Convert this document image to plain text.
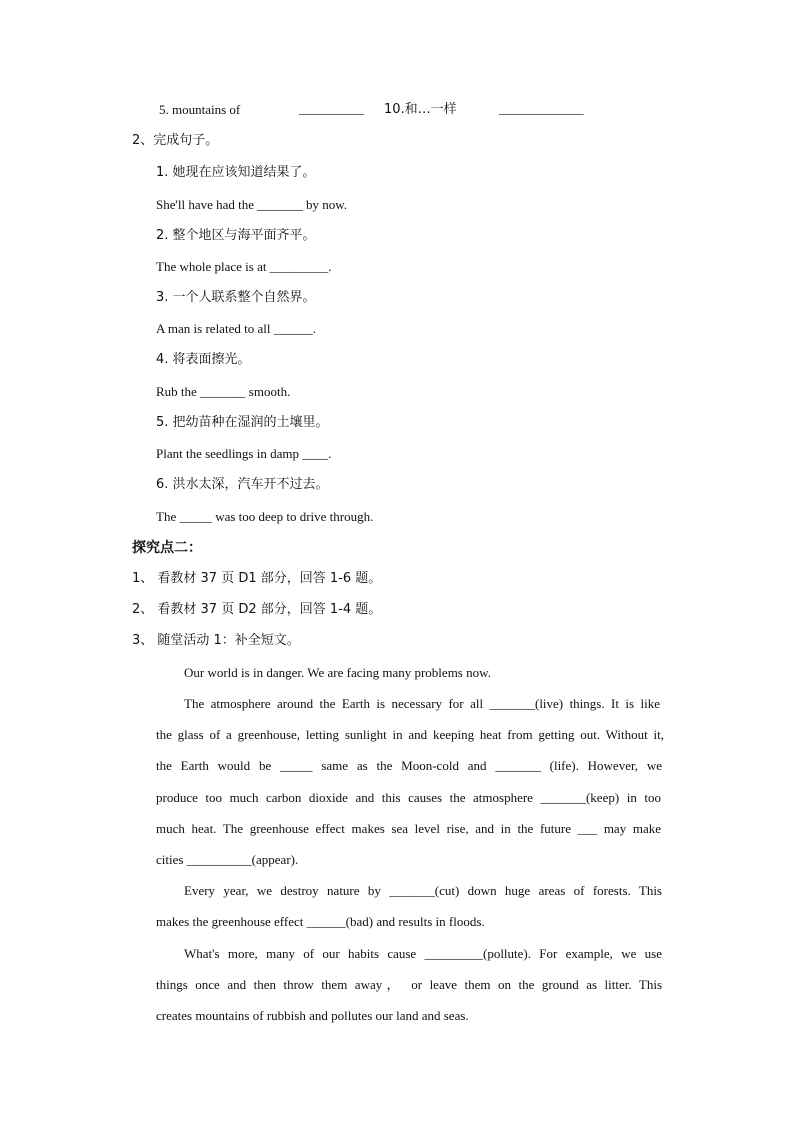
5. mountains of	__________ 10.和…一样	_____________
2、完成句子。
1. 她现在应该知道结果了。
She'll have had the _______ by now.
2. 整个地区与海平面齐平。
The whole place is at _________.
3. 一个人联系整个自然界。
A man is related to all ______.
4. 将表面擦光。
Rub the _______ smooth.
5. 把幼苗种在湿润的土壤里。
Plant the seedlings in damp ____.
6. 洪水太深，汽车开不过去。
The _____ was too deep to drive through.
探究点二：
1、 看教材 37 页 D1 部分，回答 1-6 题。
2、 看教材 37 页 D2 部分，回答 1-4 题。
3、 随堂活动 1：补全短文。
Our world is in danger. We are facing many problems now.
The atmosphere around the Earth is necessary for all _______(live) things. It is like
the glass of a greenhouse, letting sunlight in and keeping heat from getting out. Without it,
the Earth would be _____ same as the Moon-cold and _______ (life). However, we
produce too much carbon dioxide and this causes the atmosphere _______(keep) in too
much heat. The greenhouse effect makes sea level rise, and in the future ___ may make
cities __________(appear).
Every year, we destroy nature by _______(cut) down huge areas of forests. This
makes the greenhouse effect ______(bad) and results in floods.
What's more, many of our habits cause _________(pollute). For example, we use
things once and then throw them away， or leave them on the ground as litter. This
creates mountains of rubbish and pollutes our land and seas.
